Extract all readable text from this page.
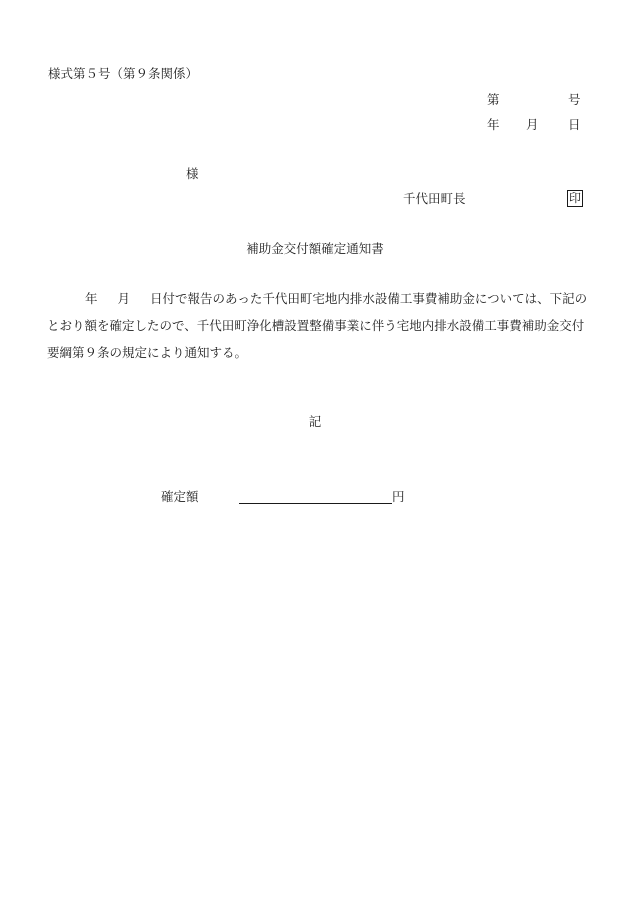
様式第５号（第９条関係）
第	号
年 月 日
様
千代田町長	印
補助金交付額確定通知書
年 月 日付で報告のあった千代田町宅地内排水設備工事費補助金については、下記のとおり額を確定したので、千代田町浄化槽設置整備事業に伴う宅地内排水設備工事費補助金交付要綱第９条の規定により通知する。
記
確定額	円
